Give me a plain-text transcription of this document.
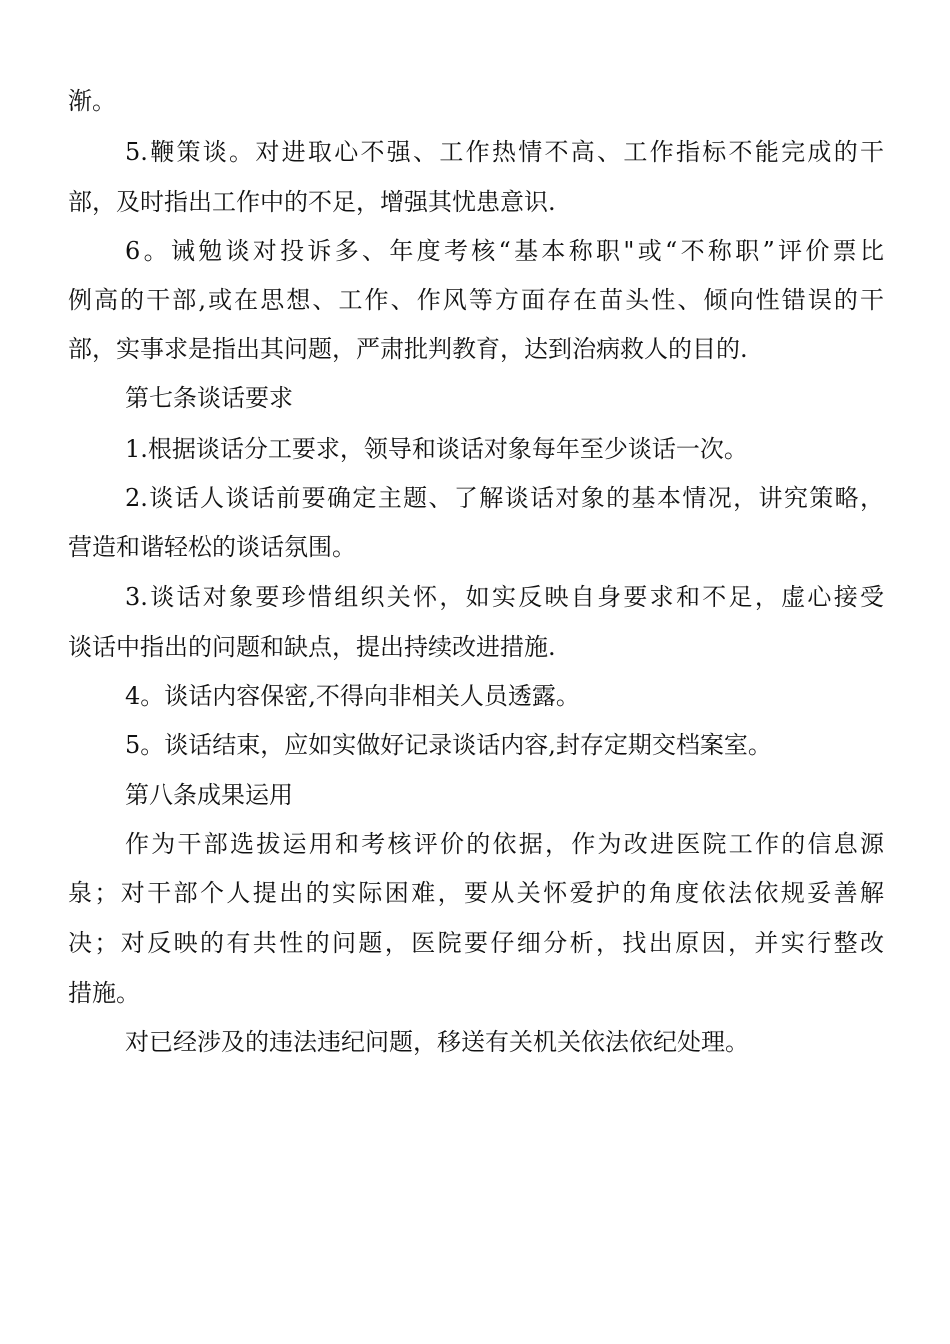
渐。
5.鞭策谈。对进取心不强、工作热情不高、工作指标不能完成的干
部，及时指出工作中的不足，增强其忧患意识.
6。诫勉谈对投诉多、年度考核“基本称职"或“不称职”评价票比
例高的干部,或在思想、工作、作风等方面存在苗头性、倾向性错误的干
部，实事求是指出其问题，严肃批判教育，达到治病救人的目的.
第七条谈话要求
1.根据谈话分工要求，领导和谈话对象每年至少谈话一次。
2.谈话人谈话前要确定主题、了解谈话对象的基本情况，讲究策略，
营造和谐轻松的谈话氛围。
3.谈话对象要珍惜组织关怀，如实反映自身要求和不足，虚心接受
谈话中指出的问题和缺点，提出持续改进措施.
4。谈话内容保密,不得向非相关人员透露。
5。谈话结束，应如实做好记录谈话内容,封存定期交档案室。
第八条成果运用
作为干部选拔运用和考核评价的依据，作为改进医院工作的信息源
泉；对干部个人提出的实际困难，要从关怀爱护的角度依法依规妥善解
决；对反映的有共性的问题，医院要仔细分析，找出原因，并实行整改
措施。
对已经涉及的违法违纪问题，移送有关机关依法依纪处理。
